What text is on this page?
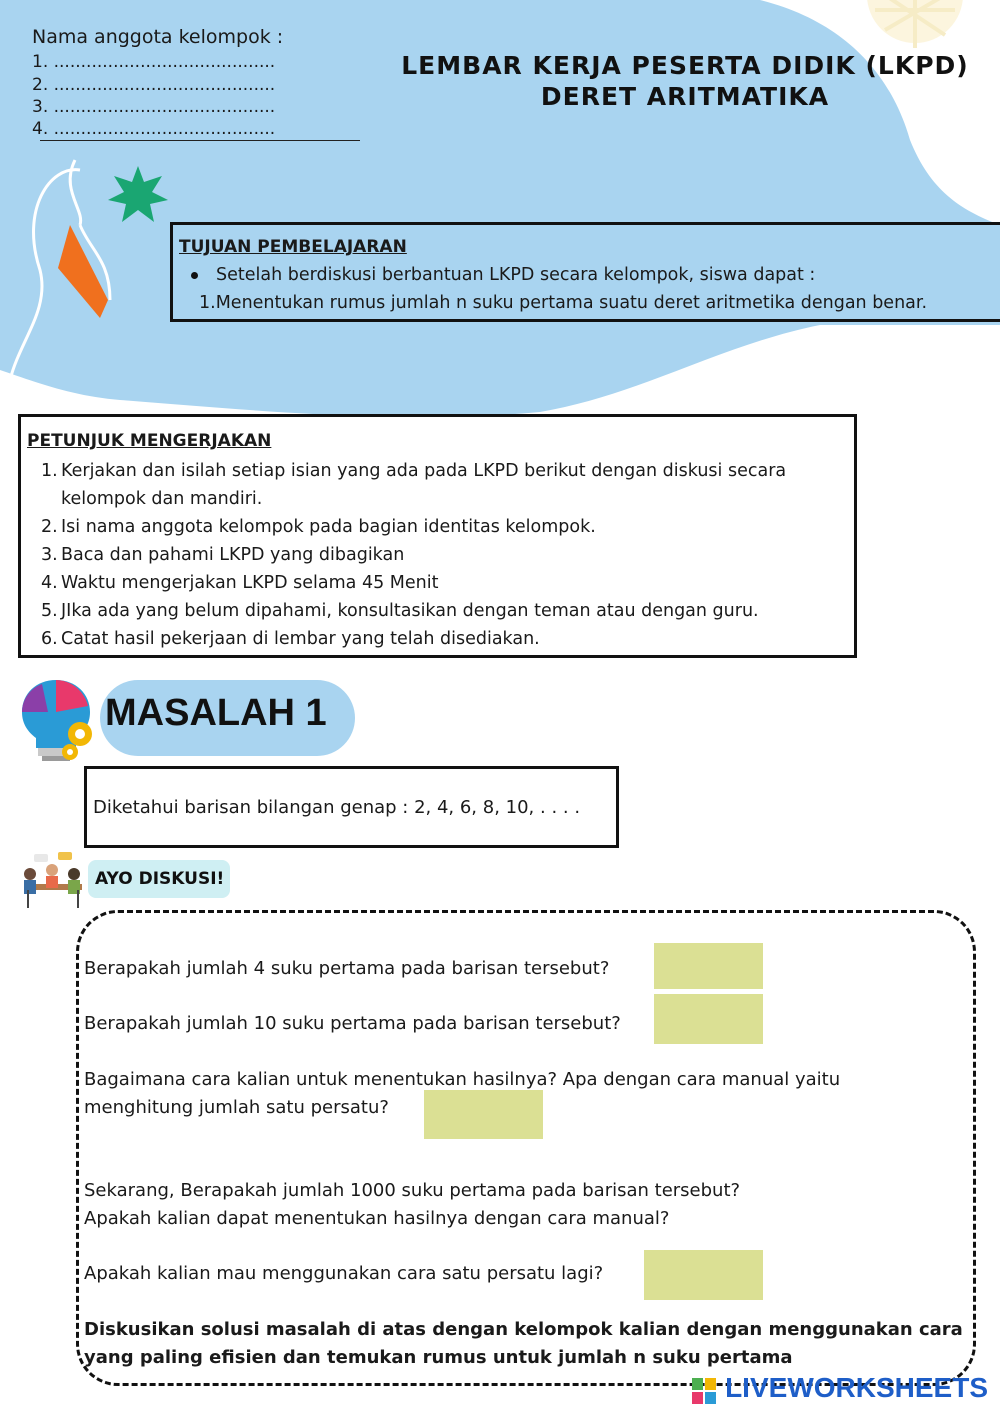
Nama anggota kelompok :
1. .........................................
2. .........................................
3. .........................................
4. .........................................
LEMBAR KERJA PESERTA DIDIK (LKPD)
DERET ARITMATIKA
TUJUAN PEMBELAJARAN
Setelah berdiskusi berbantuan LKPD secara kelompok, siswa dapat :
1.Menentukan rumus jumlah n suku pertama suatu deret aritmetika dengan benar.
PETUNJUK MENGERJAKAN
1. Kerjakan dan isilah setiap isian yang ada pada LKPD berikut dengan diskusi secara kelompok dan mandiri.
2. Isi nama anggota kelompok pada bagian identitas kelompok.
3. Baca dan pahami LKPD yang dibagikan
4. Waktu mengerjakan LKPD selama 45 Menit
5. JIka ada yang belum dipahami, konsultasikan dengan teman atau dengan guru.
6. Catat hasil pekerjaan di lembar yang telah disediakan.
MASALAH 1
Diketahui barisan bilangan genap : 2, 4, 6, 8, 10, . . . .
AYO DISKUSI!
Berapakah jumlah 4 suku pertama pada barisan tersebut?
Berapakah jumlah 10 suku pertama pada barisan tersebut?
Bagaimana cara kalian untuk menentukan hasilnya? Apa dengan cara manual yaitu
menghitung jumlah satu persatu?
Sekarang, Berapakah jumlah 1000 suku pertama pada barisan tersebut?
Apakah kalian dapat menentukan hasilnya dengan cara manual?
Apakah kalian mau menggunakan cara satu persatu lagi?
Diskusikan solusi masalah di atas dengan kelompok kalian dengan menggunakan cara
yang paling efisien dan temukan rumus untuk jumlah n suku pertama
LIVEWORKSHEETS
